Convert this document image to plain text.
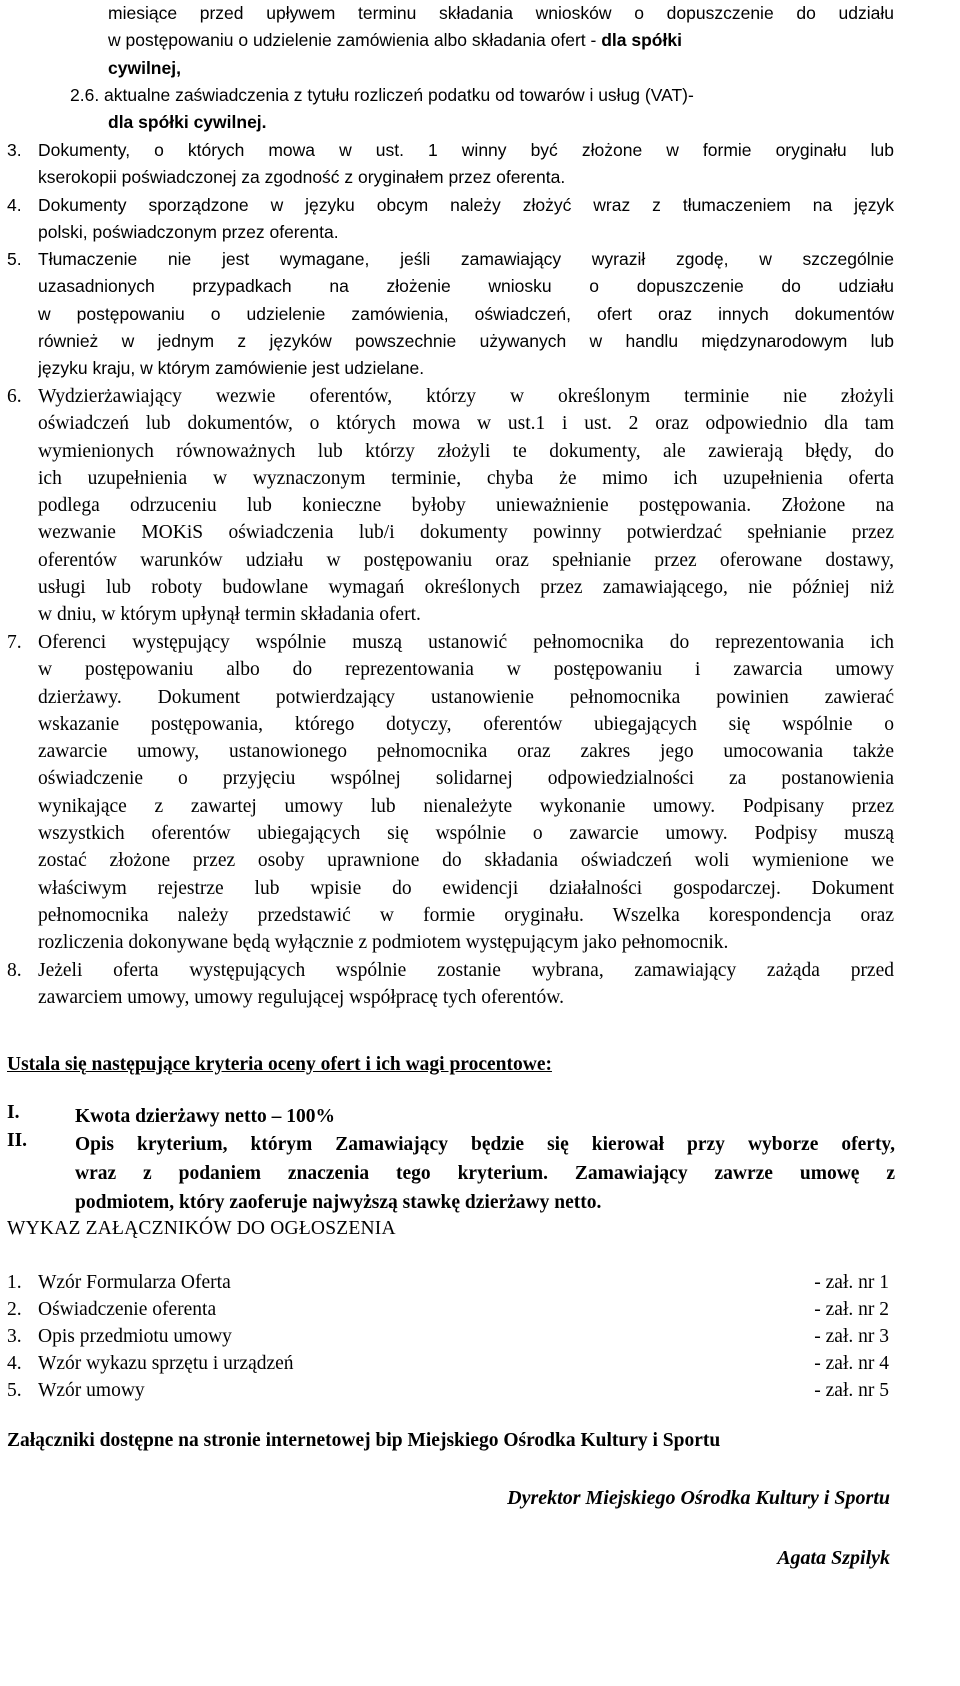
miesiące przed upływem terminu składania wniosków o dopuszczenie do udziału
w postępowaniu o udzielenie zamówienia albo składania ofert - dla spółki
cywilnej,
2.6. aktualne zaświadczenia z tytułu rozliczeń podatku od towarów i usług (VAT)-
dla spółki cywilnej.
3. Dokumenty, o których mowa w ust. 1 winny być złożone w formie oryginału lub
kserokopii poświadczonej za zgodność z oryginałem przez oferenta.
4. Dokumenty sporządzone w języku obcym należy złożyć wraz z tłumaczeniem na język
polski, poświadczonym przez oferenta.
5. Tłumaczenie nie jest wymagane, jeśli zamawiający wyraził zgodę, w szczególnie
uzasadnionych przypadkach na złożenie wniosku o dopuszczenie do udziału
w postępowaniu o udzielenie zamówienia, oświadczeń, ofert oraz innych dokumentów
również w jednym z języków powszechnie używanych w handlu międzynarodowym lub
języku kraju, w którym zamówienie jest udzielane.
6. Wydzierżawiający wezwie oferentów, którzy w określonym terminie nie złożyli
oświadczeń lub dokumentów, o których mowa w ust.1 i ust. 2 oraz odpowiednio dla tam
wymienionych równoważnych lub którzy złożyli te dokumenty, ale zawierają błędy, do
ich uzupełnienia w wyznaczonym terminie, chyba że mimo ich uzupełnienia oferta
podlega odrzuceniu lub konieczne byłoby unieważnienie postępowania. Złożone na
wezwanie MOKiS oświadczenia lub/i dokumenty powinny potwierdzać spełnianie przez
oferentów warunków udziału w postępowaniu oraz spełnianie przez oferowane dostawy,
usługi lub roboty budowlane wymagań określonych przez zamawiającego, nie później niż
w dniu, w którym upłynął termin składania ofert.
7. Oferenci występujący wspólnie muszą ustanowić pełnomocnika do reprezentowania ich
w postępowaniu albo do reprezentowania w postępowaniu i zawarcia umowy
dzierżawy. Dokument potwierdzający ustanowienie pełnomocnika powinien zawierać
wskazanie postępowania, którego dotyczy, oferentów ubiegających się wspólnie o
zawarcie umowy, ustanowionego pełnomocnika oraz zakres jego umocowania także
oświadczenie o przyjęciu wspólnej solidarnej odpowiedzialności za postanowienia
wynikające z zawartej umowy lub nienależyte wykonanie umowy. Podpisany przez
wszystkich oferentów ubiegających się wspólnie o zawarcie umowy. Podpisy muszą
zostać złożone przez osoby uprawnione do składania oświadczeń woli wymienione we
właściwym rejestrze lub wpisie do ewidencji działalności gospodarczej. Dokument
pełnomocnika należy przedstawić w formie oryginału. Wszelka korespondencja oraz
rozliczenia dokonywane będą wyłącznie z podmiotem występującym jako pełnomocnik.
8. Jeżeli oferta występujących wspólnie zostanie wybrana, zamawiający zażąda przed
zawarciem umowy, umowy regulującej współpracę tych oferentów.
Ustala się następujące kryteria oceny ofert i ich wagi procentowe:
I.	Kwota dzierżawy netto – 100%
II. Opis kryterium, którym Zamawiający będzie się kierował przy wyborze oferty,
wraz z podaniem znaczenia tego kryterium. Zamawiający zawrze umowę z
podmiotem, który zaoferuje najwyższą stawkę dzierżawy netto.
WYKAZ ZAŁĄCZNIKÓW DO OGŁOSZENIA
1. Wzór Formularza Oferta	- zał. nr 1
2. Oświadczenie oferenta	- zał. nr 2
3. Opis przedmiotu umowy	- zał. nr 3
4. Wzór wykazu sprzętu i urządzeń	- zał. nr 4
5. Wzór umowy	- zał. nr 5
Załączniki dostępne na stronie internetowej bip Miejskiego Ośrodka Kultury i Sportu
Dyrektor Miejskiego Ośrodka Kultury i Sportu
Agata Szpilyk
